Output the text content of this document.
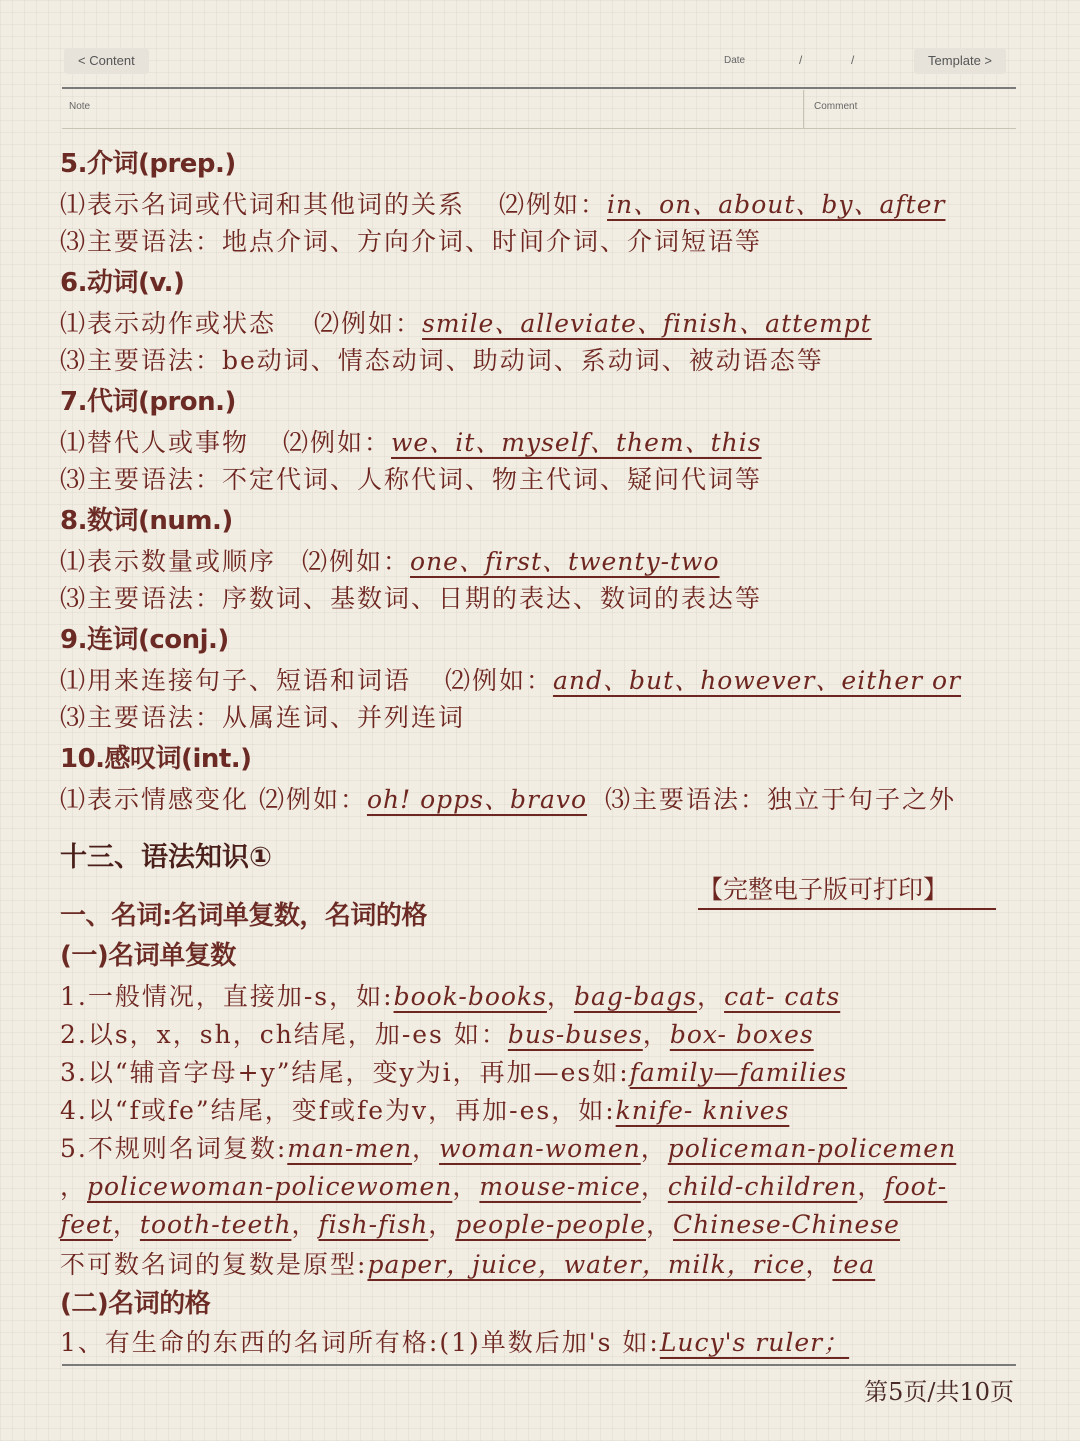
< Content	Date	/	/	Template >
Note	Comment
5.介词(prep.)
⑴表示名词或代词和其他词的关系 ⑵例如：in、on、about、by、after
⑶主要语法：地点介词、方向介词、时间介词、介词短语等
6.动词(v.)
⑴表示动作或状态 ⑵例如：smile、alleviate、finish、attempt
⑶主要语法：be动词、情态动词、助动词、系动词、被动语态等
7.代词(pron.)
⑴替代人或事物 ⑵例如：we、it、myself、them、this
⑶主要语法：不定代词、人称代词、物主代词、疑问代词等
8.数词(num.)
⑴表示数量或顺序 ⑵例如：one、first、twenty-two
⑶主要语法：序数词、基数词、日期的表达、数词的表达等
9.连词(conj.)
⑴用来连接句子、短语和词语 ⑵例如：and、but、however、either or
⑶主要语法：从属连词、并列连词
10.感叹词(int.)
⑴表示情感变化 ⑵例如：oh! opps、bravo ⑶主要语法：独立于句子之外
十三、语法知识①
【完整电子版可打印】
一、名词:名词单复数，名词的格
(一)名词单复数
1.一般情况，直接加-s，如:book-books，bag-bags，cat- cats
2.以s，x，sh，ch结尾，加-es 如：bus-buses，box- boxes
3.以“辅音字母+y”结尾，变y为i，再加—es如:family—families
4.以“f或fe”结尾，变f或fe为v，再加-es，如:knife- knives
5.不规则名词复数:man-men，woman-women，policeman-policemen
，policewoman-policewomen，mouse-mice，child-children，foot-
feet，tooth-teeth，fish-fish，people-people，Chinese-Chinese
不可数名词的复数是原型:paper，juice，water，milk，rice，tea
(二)名词的格
1、有生命的东西的名词所有格:(1)单数后加's 如:Lucy's ruler；
第5页/共10页
